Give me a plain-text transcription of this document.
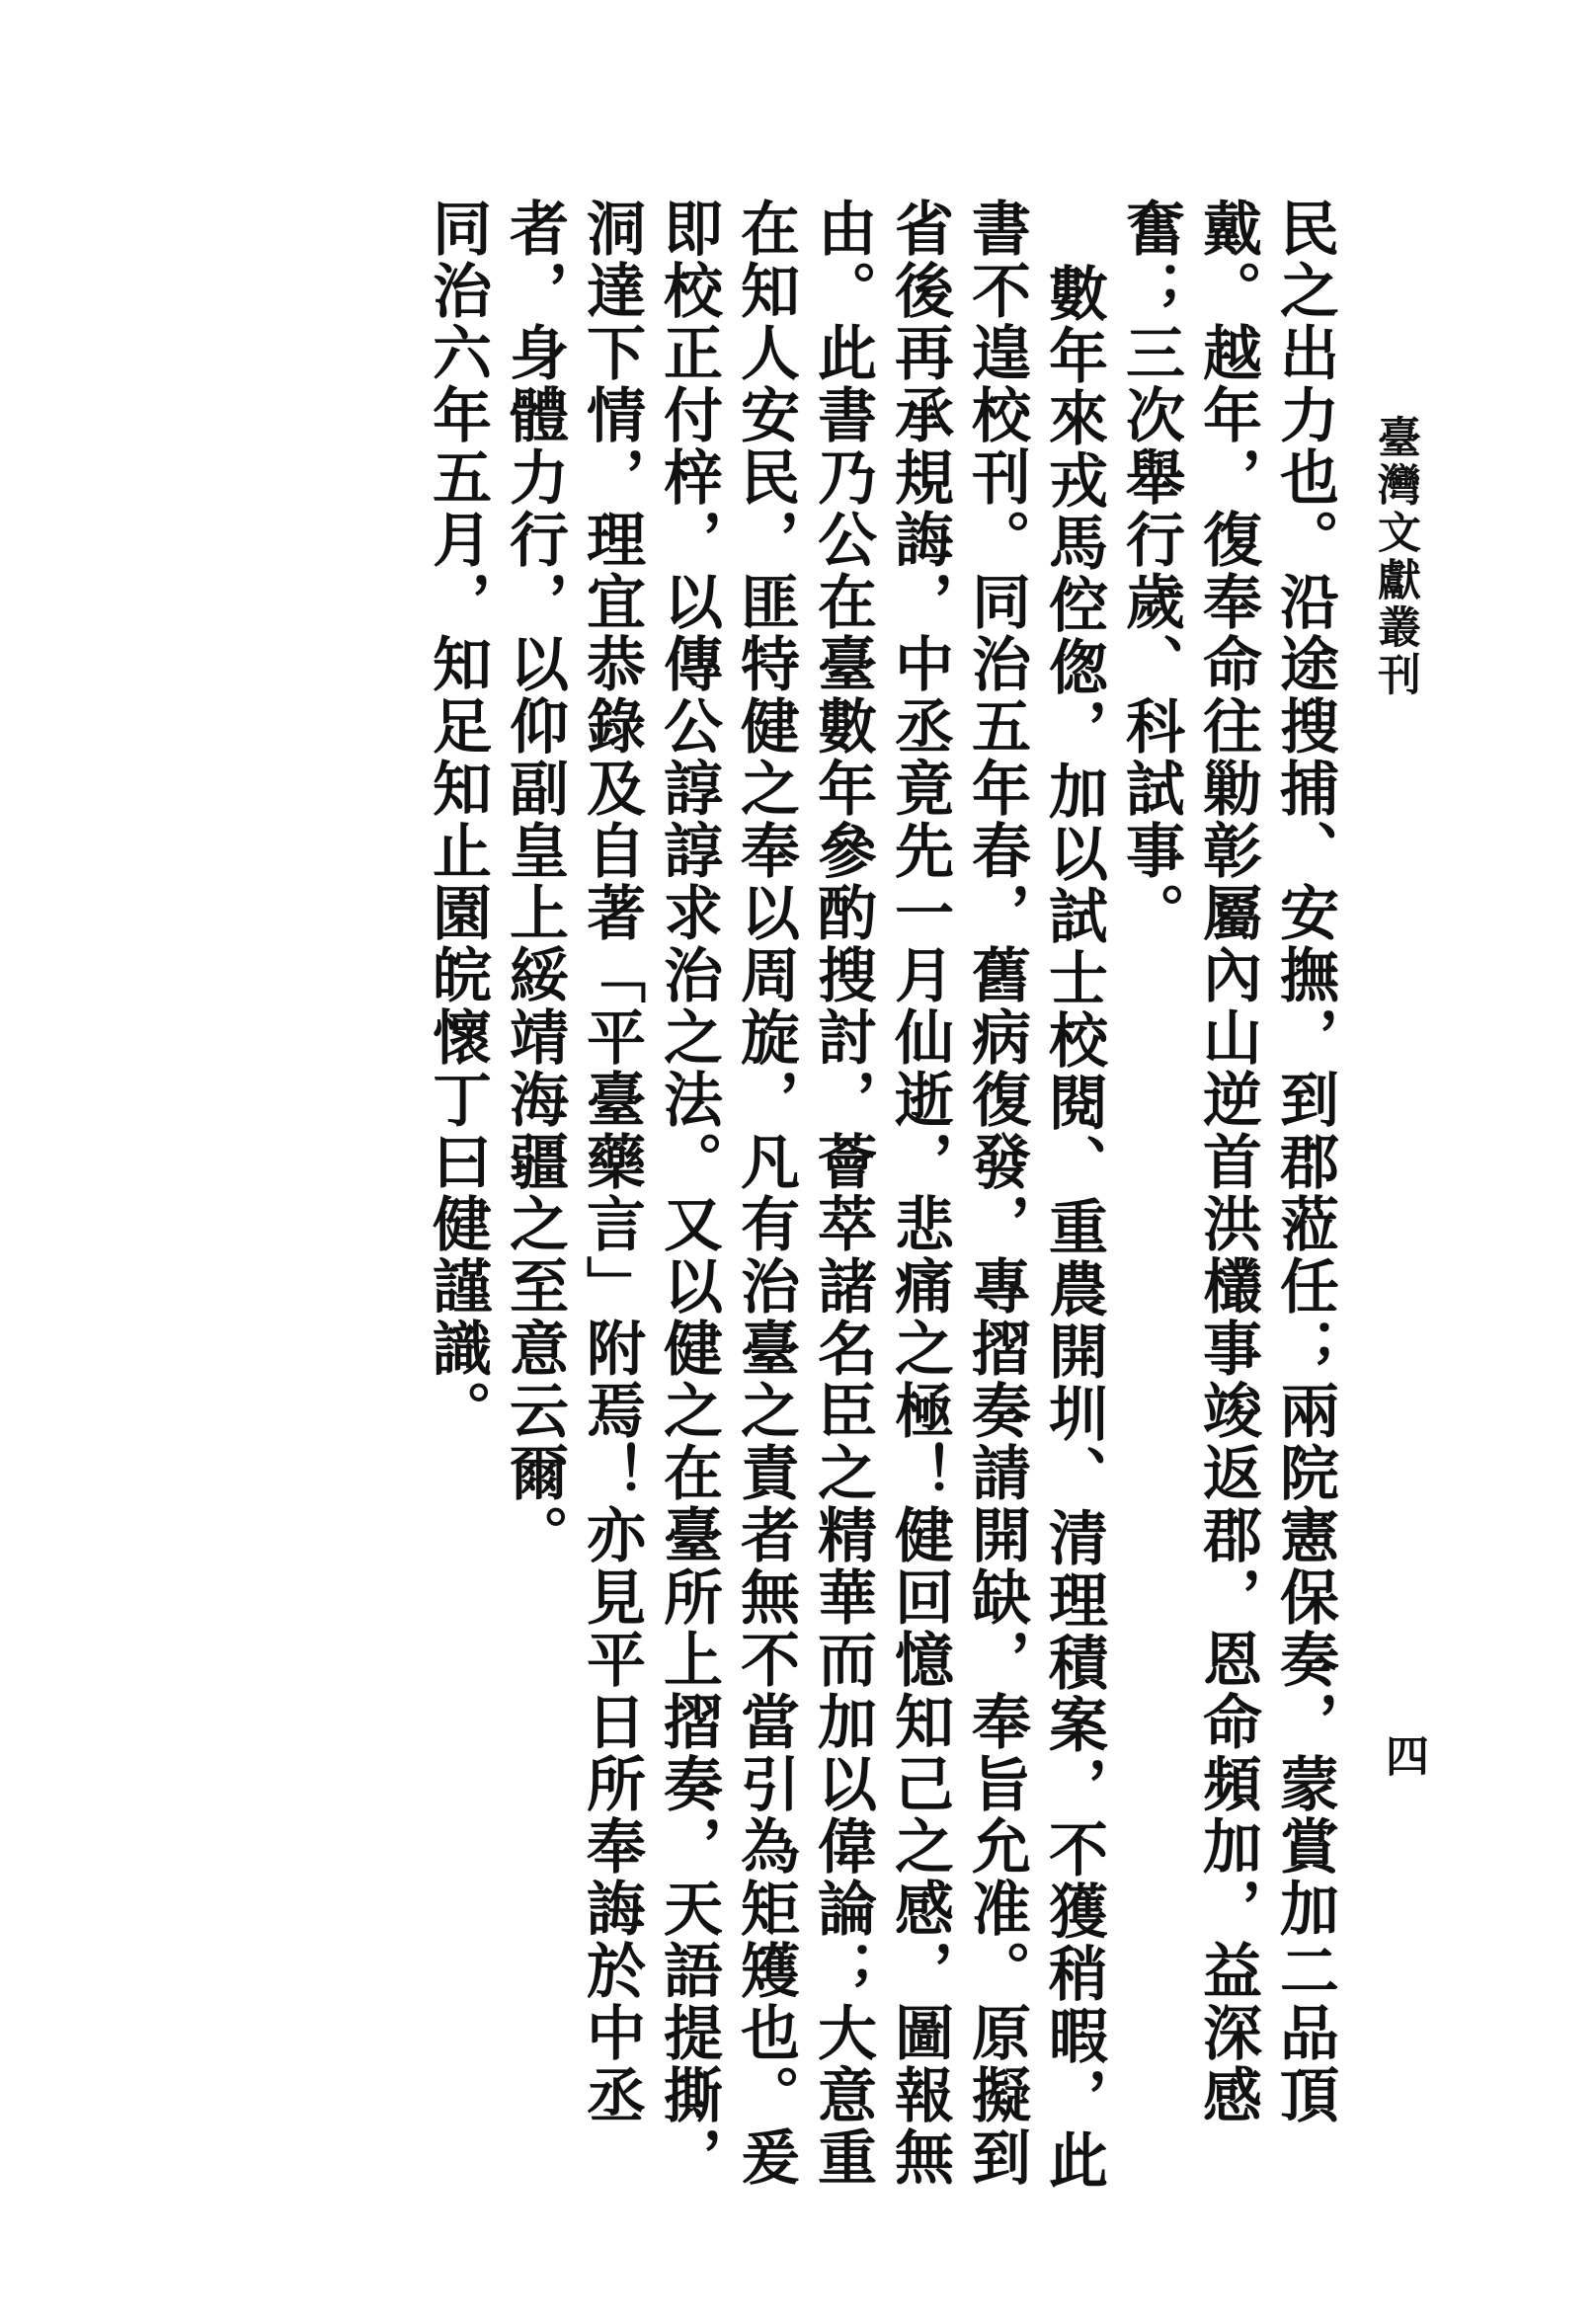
臺灣文獻叢刊
四

民之出力也。沿途搜捕、安撫，到郡蒞任；兩院憲保奏，蒙賞加二品頂戴。越年，復奉命往勦彰屬內山逆首洪欉事竣返郡，恩命頻加，益深感奮；三次舉行歲、科試事。

數年來戎馬倥偬，加以試士校閱、重農開圳、清理積案，不獲稍暇，此書不遑校刊。同治五年春，舊病復發，專摺奏請開缺，奉旨允准。原擬到省後再承規誨，中丞竟先一月仙逝，悲痛之極！健回憶知己之感，圖報無由。此書乃公在臺數年參酌搜討，薈萃諸名臣之精華而加以偉論；大意重在知人安民，匪特健之奉以周旋，凡有治臺之責者無不當引為矩矱也。爰即校正付梓，以傳公諄諄求治之法。又以健之在臺所上摺奏，天語提撕，洞達下情，理宜恭錄及自著「平臺藥言」附焉！亦見平日所奉誨於中丞者，身體力行，以仰副皇上綏靖海疆之至意云爾。

同治六年五月，知足知止園皖懷丁曰健謹識。
